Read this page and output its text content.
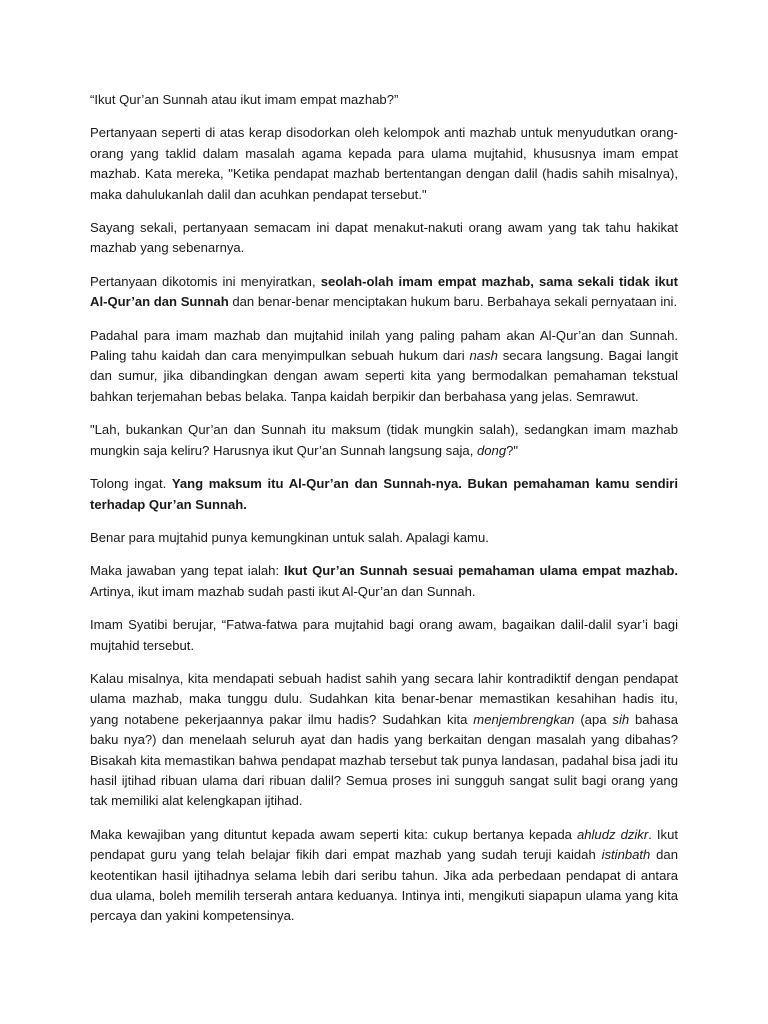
“Ikut Qur’an Sunnah atau ikut imam empat mazhab?”

Pertanyaan seperti di atas kerap disodorkan oleh kelompok anti mazhab untuk menyudutkan orang-orang yang taklid dalam masalah agama kepada para ulama mujtahid, khususnya imam empat mazhab. Kata mereka, "Ketika pendapat mazhab bertentangan dengan dalil (hadis sahih misalnya), maka dahulukanlah dalil dan acuhkan pendapat tersebut."

Sayang sekali, pertanyaan semacam ini dapat menakut-nakuti orang awam yang tak tahu hakikat mazhab yang sebenarnya.

Pertanyaan dikotomis ini menyiratkan, seolah-olah imam empat mazhab, sama sekali tidak ikut Al-Qur’an dan Sunnah dan benar-benar menciptakan hukum baru. Berbahaya sekali pernyataan ini.

Padahal para imam mazhab dan mujtahid inilah yang paling paham akan Al-Qur’an dan Sunnah. Paling tahu kaidah dan cara menyimpulkan sebuah hukum dari nash secara langsung. Bagai langit dan sumur, jika dibandingkan dengan awam seperti kita yang bermodalkan pemahaman tekstual bahkan terjemahan bebas belaka. Tanpa kaidah berpikir dan berbahasa yang jelas. Semrawut.

"Lah, bukankan Qur’an dan Sunnah itu maksum (tidak mungkin salah), sedangkan imam mazhab mungkin saja keliru? Harusnya ikut Qur’an Sunnah langsung saja, dong?"

Tolong ingat. Yang maksum itu Al-Qur’an dan Sunnah-nya. Bukan pemahaman kamu sendiri terhadap Qur’an Sunnah.

Benar para mujtahid punya kemungkinan untuk salah. Apalagi kamu.

Maka jawaban yang tepat ialah: Ikut Qur’an Sunnah sesuai pemahaman ulama empat mazhab. Artinya, ikut imam mazhab sudah pasti ikut Al-Qur’an dan Sunnah.

Imam Syatibi berujar, “Fatwa-fatwa para mujtahid bagi orang awam, bagaikan dalil-dalil syar’i bagi mujtahid tersebut.

Kalau misalnya, kita mendapati sebuah hadist sahih yang secara lahir kontradiktif dengan pendapat ulama mazhab, maka tunggu dulu. Sudahkan kita benar-benar memastikan kesahihan hadis itu, yang notabene pekerjaannya pakar ilmu hadis? Sudahkan kita menjembrengkan (apa sih bahasa baku nya?) dan menelaah seluruh ayat dan hadis yang berkaitan dengan masalah yang dibahas? Bisakah kita memastikan bahwa pendapat mazhab tersebut tak punya landasan, padahal bisa jadi itu hasil ijtihad ribuan ulama dari ribuan dalil? Semua proses ini sungguh sangat sulit bagi orang yang tak memiliki alat kelengkapan ijtihad.

Maka kewajiban yang dituntut kepada awam seperti kita: cukup bertanya kepada ahludz dzikr. Ikut pendapat guru yang telah belajar fikih dari empat mazhab yang sudah teruji kaidah istinbath dan keotentikan hasil ijtihadnya selama lebih dari seribu tahun. Jika ada perbedaan pendapat di antara dua ulama, boleh memilih terserah antara keduanya. Intinya inti, mengikuti siapapun ulama yang kita percaya dan yakini kompetensinya.
